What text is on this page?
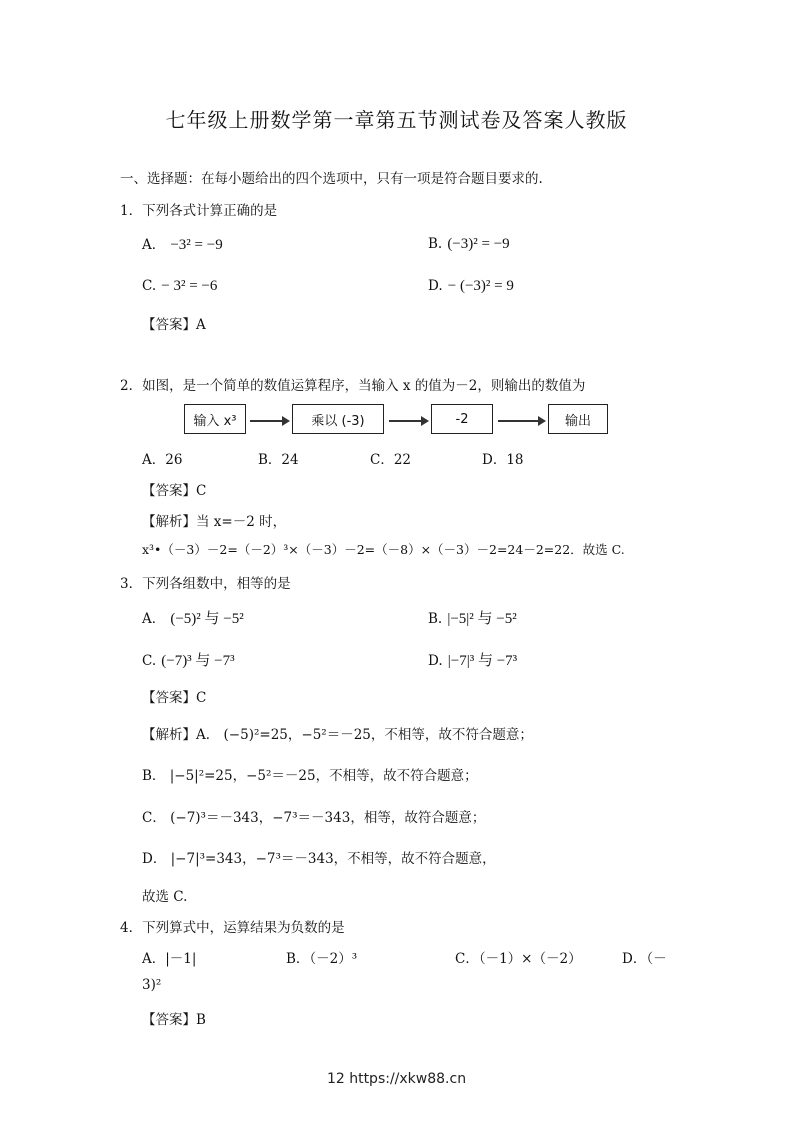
七年级上册数学第一章第五节测试卷及答案人教版
一、选择题：在每小题给出的四个选项中，只有一项是符合题目要求的.
1．下列各式计算正确的是
A． −3² = −9	B. (−3)² = −9
C. − 3² = −6	D. − (−3)² = 9
【答案】A
2．如图，是一个简单的数值运算程序，当输入 x 的值为－2，则输出的数值为
输入 x³	乘以 (-3)	-2	输出
A．26	B．24	C．22	D．18
【答案】C
【解析】当 x=－2 时，
x³•（－3）－2=（－2）³×（－3）－2=（－8）×（－3）－2=24－2=22．故选 C.
3．下列各组数中，相等的是
A． (−5)² 与 −5²	B. |−5|² 与 −5²
C. (−7)³ 与 −7³	D. |−7|³ 与 −7³
【答案】C
【解析】A． (−5)²=25，−5²＝－25，不相等，故不符合题意；
B． |−5|²=25，−5²＝－25，不相等，故不符合题意；
C． (−7)³＝－343，−7³＝－343，相等，故符合题意；
D． |−7|³=343，−7³＝－343，不相等，故不符合题意，
故选 C.
4．下列算式中，运算结果为负数的是
A．|－1|	B．（－2）³	C．（－1）×（－2）	D．（－
3)²
【答案】B
12 https://xkw88.cn
